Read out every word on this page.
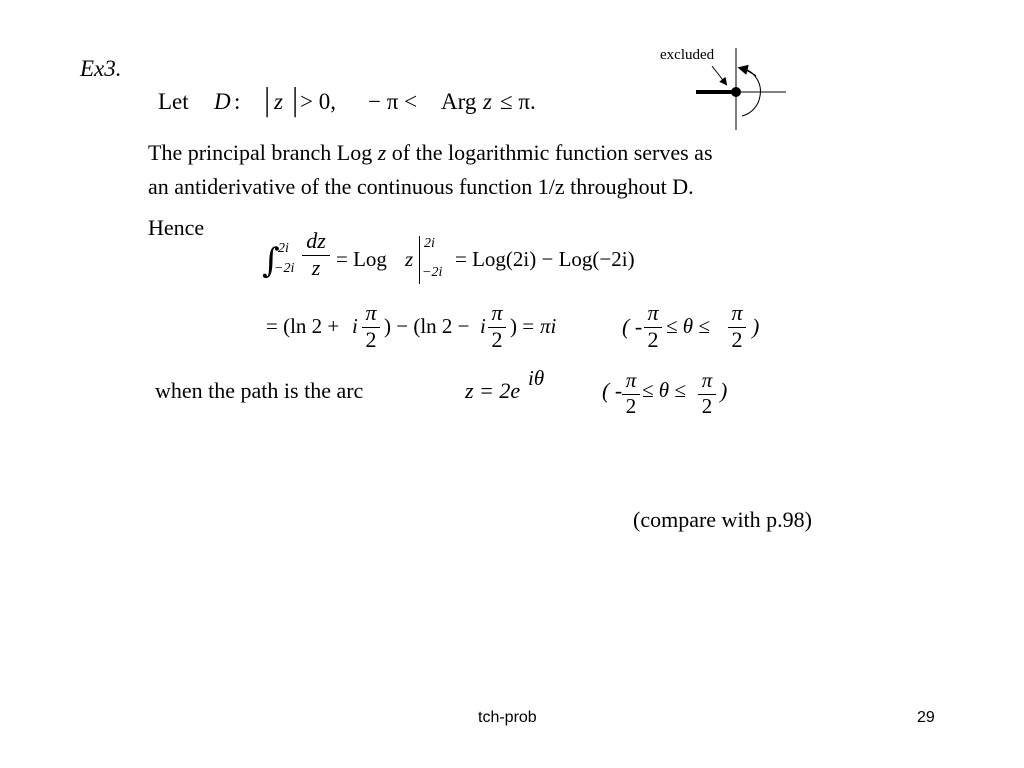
Ex3.
Let D : | z | > 0, − π < Arg z ≤ π.
excluded
The principal branch Log z of the logarithmic function serves as
an antiderivative of the continuous function 1/z throughout D.
Hence
∫
2i
−2i
dz
z = Log z
2i
−2i
= Log(2i) − Log(−2i)
= (ln 2 + i
π
2
) − (ln 2 − i
π
2
) = πi	( -
π
2
≤ θ ≤
π
2
)
when the path is the arc	z = 2e iθ	( - π
2
≤ θ ≤ π
2
)
(compare with p.98)
tch-prob	29
